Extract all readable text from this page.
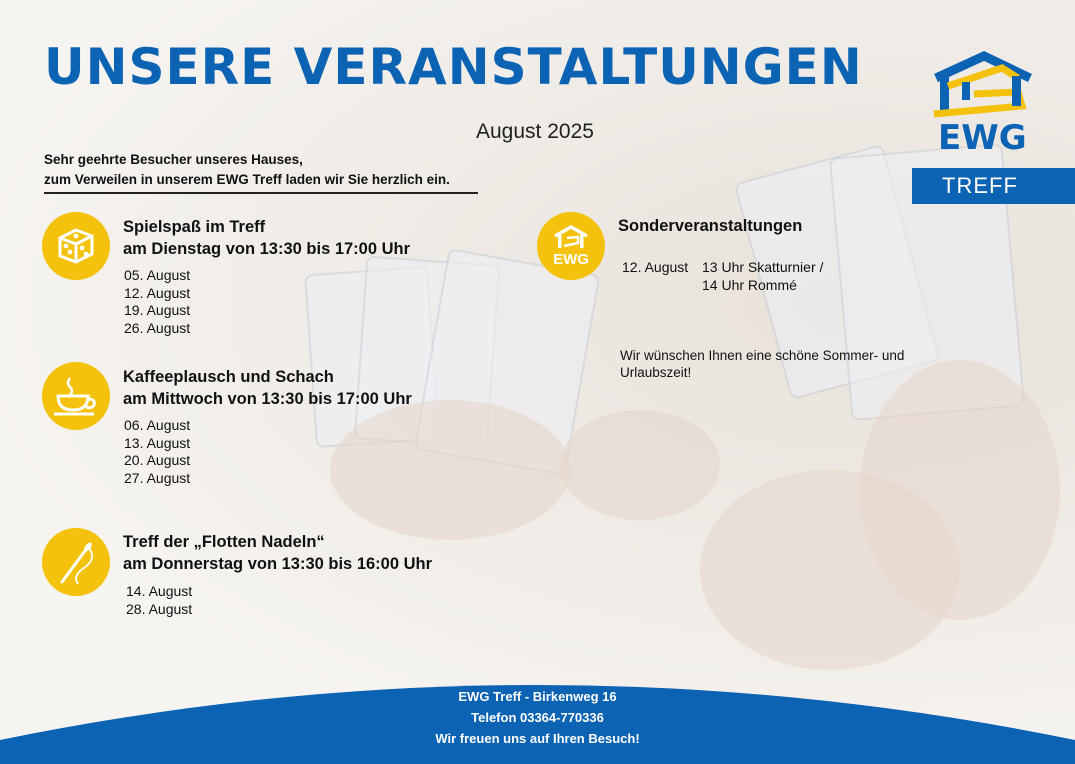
UNSERE VERANSTALTUNGEN
August 2025
Sehr geehrte Besucher unseres Hauses,
zum Verweilen in unserem EWG Treff laden wir Sie herzlich ein.
EWG
TREFF
Spielspaß im Treff
am Dienstag von 13:30 bis 17:00 Uhr
05. August
12. August
19. August
26. August
Kaffeeplausch und Schach
am Mittwoch von 13:30 bis 17:00 Uhr
06. August
13. August
20. August
27. August
Treff der „Flotten Nadeln“
am Donnerstag von 13:30 bis 16:00 Uhr
14. August
28. August
EWG
Sonderveranstaltungen
12. August 13 Uhr Skatturnier /
14 Uhr Rommé
Wir wünschen Ihnen eine schöne Sommer- und Urlaubszeit!
EWG Treff - Birkenweg 16
Telefon 03364-770336
Wir freuen uns auf Ihren Besuch!
